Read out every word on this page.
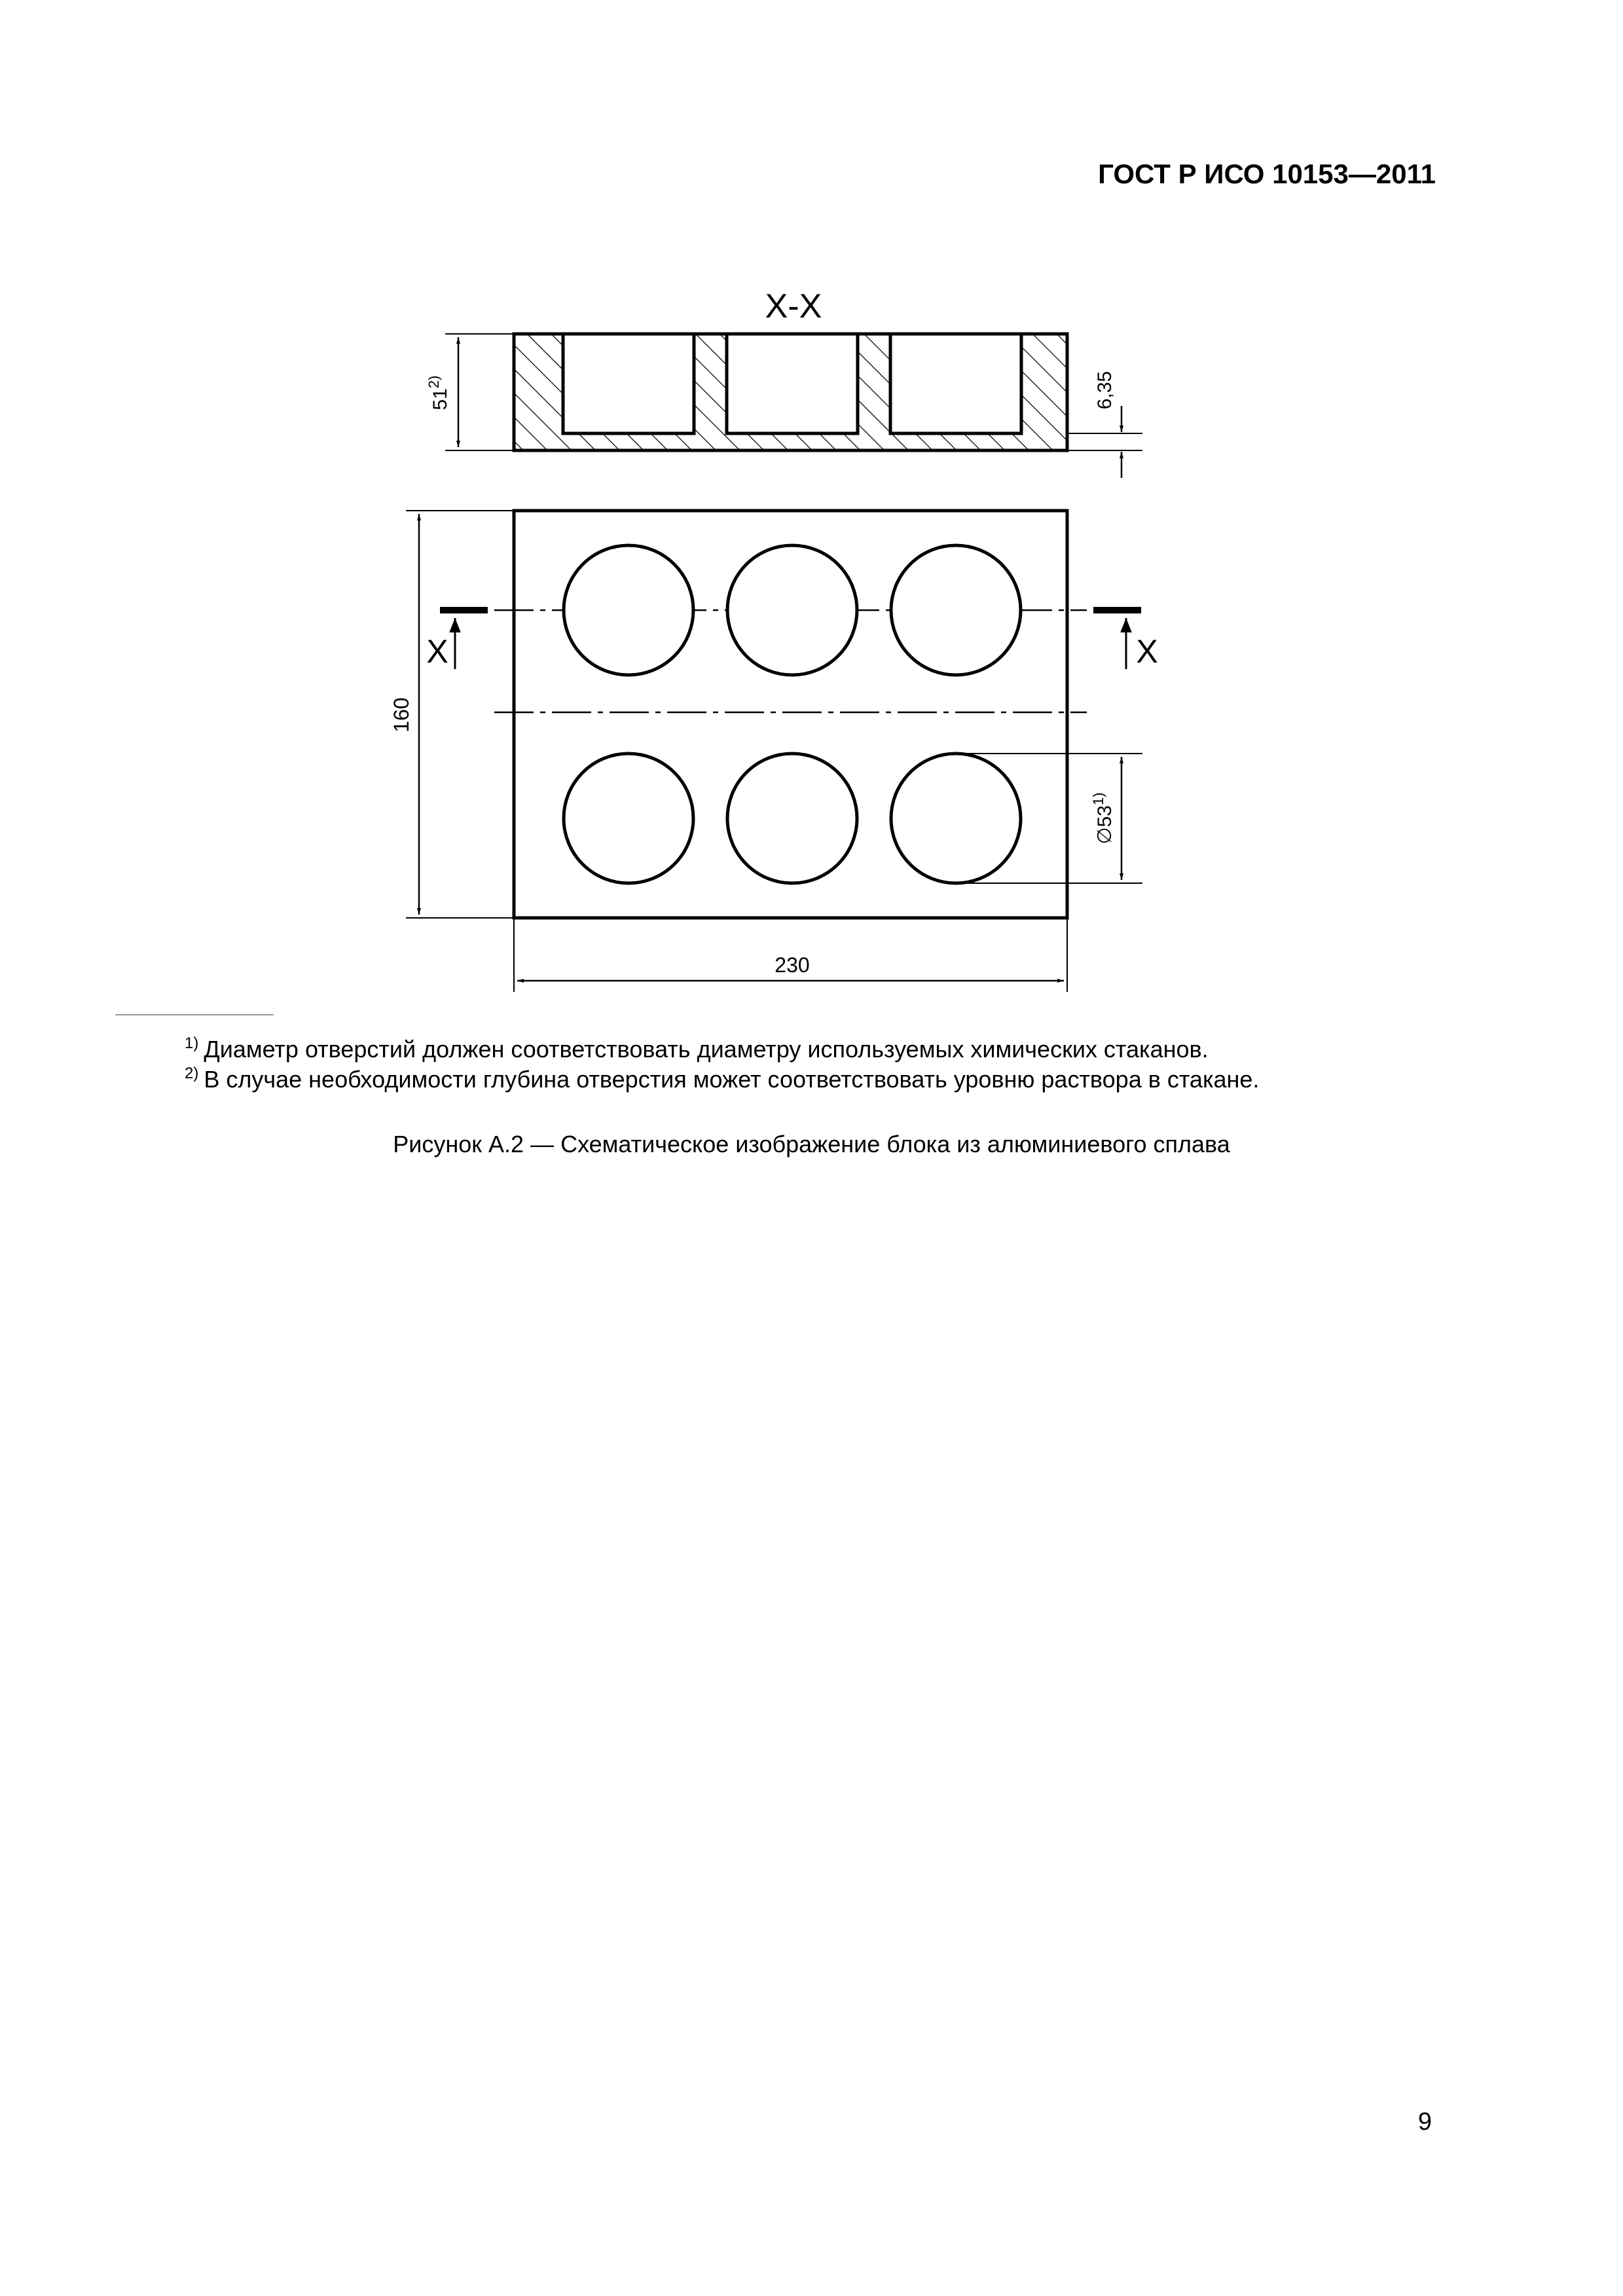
ГОСТ Р ИСО 10153—2011
X-X
51$^{2)}$	6,35
X	X
160
230
∅53$^{1)}$
$^{1)}$ Диаметр отверстий должен соответствовать диаметру используемых химических стаканов.
$^{2)}$ В случае необходимости глубина отверстия может соответствовать уровню раствора в стакане.
Рисунок А.2 — Схематическое изображение блока из алюминиевого сплава
9
